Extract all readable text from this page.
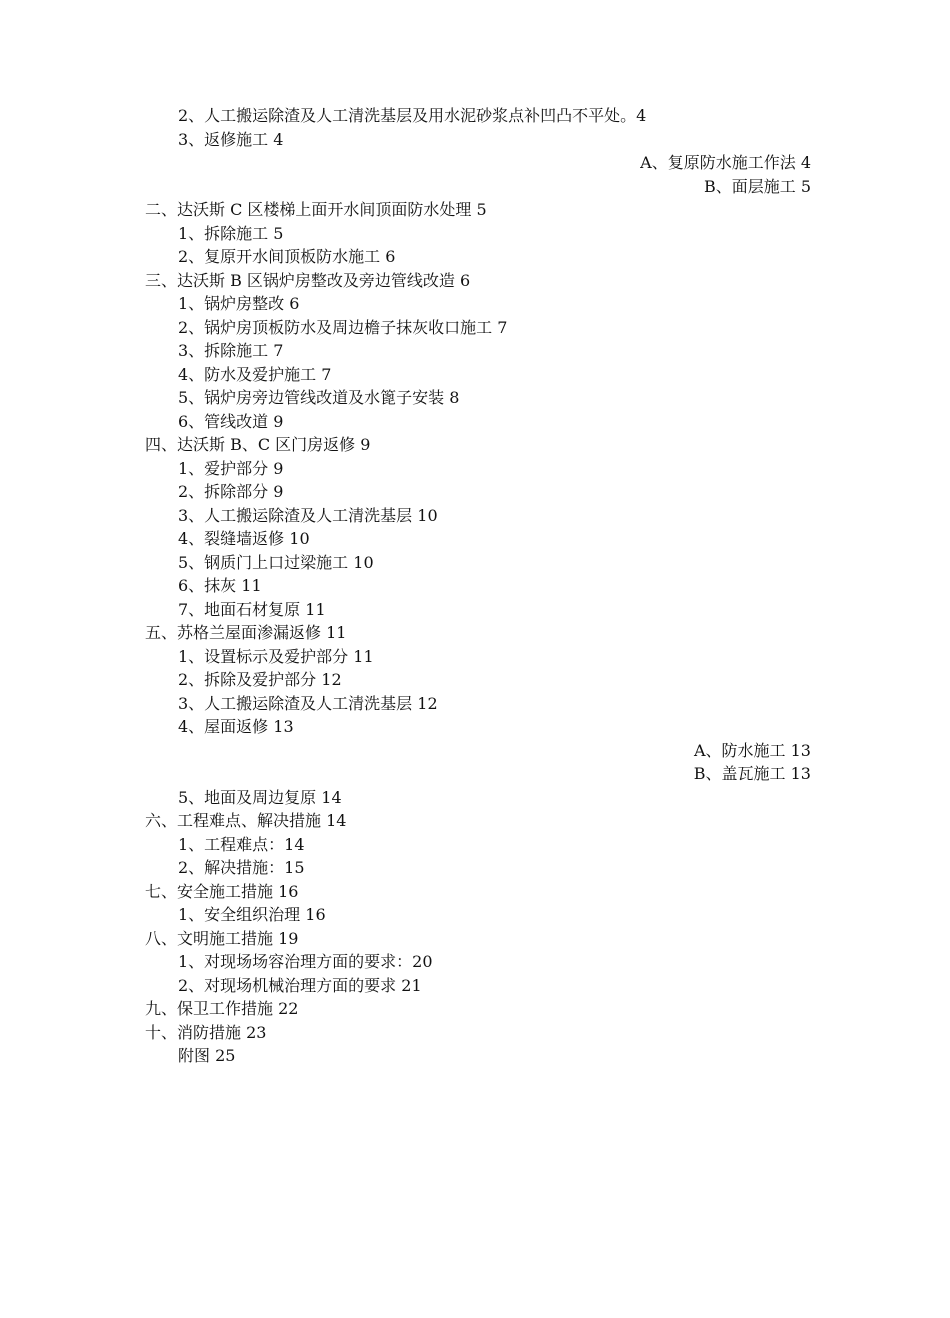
2、人工搬运除渣及人工清洗基层及用水泥砂浆点补凹凸不平处。4
3、返修施工 4
A、复原防水施工作法 4
B、面层施工 5
二、达沃斯 C 区楼梯上面开水间顶面防水处理 5
1、拆除施工 5
2、复原开水间顶板防水施工 6
三、达沃斯 B 区锅炉房整改及旁边管线改造 6
1、锅炉房整改 6
2、锅炉房顶板防水及周边檐子抹灰收口施工 7
3、拆除施工 7
4、防水及爱护施工 7
5、锅炉房旁边管线改道及水篦子安装 8
6、管线改道 9
四、达沃斯 B、C 区门房返修 9
1、爱护部分 9
2、拆除部分 9
3、人工搬运除渣及人工清洗基层 10
4、裂缝墙返修 10
5、钢质门上口过梁施工 10
6、抹灰 11
7、地面石材复原 11
五、苏格兰屋面渗漏返修 11
1、设置标示及爱护部分 11
2、拆除及爱护部分 12
3、人工搬运除渣及人工清洗基层 12
4、屋面返修 13
A、防水施工 13
B、盖瓦施工 13
5、地面及周边复原 14
六、工程难点、解决措施 14
1、工程难点：14
2、解决措施：15
七、安全施工措施 16
1、安全组织治理 16
八、文明施工措施 19
1、对现场场容治理方面的要求：20
2、对现场机械治理方面的要求 21
九、保卫工作措施 22
十、消防措施 23
附图 25
